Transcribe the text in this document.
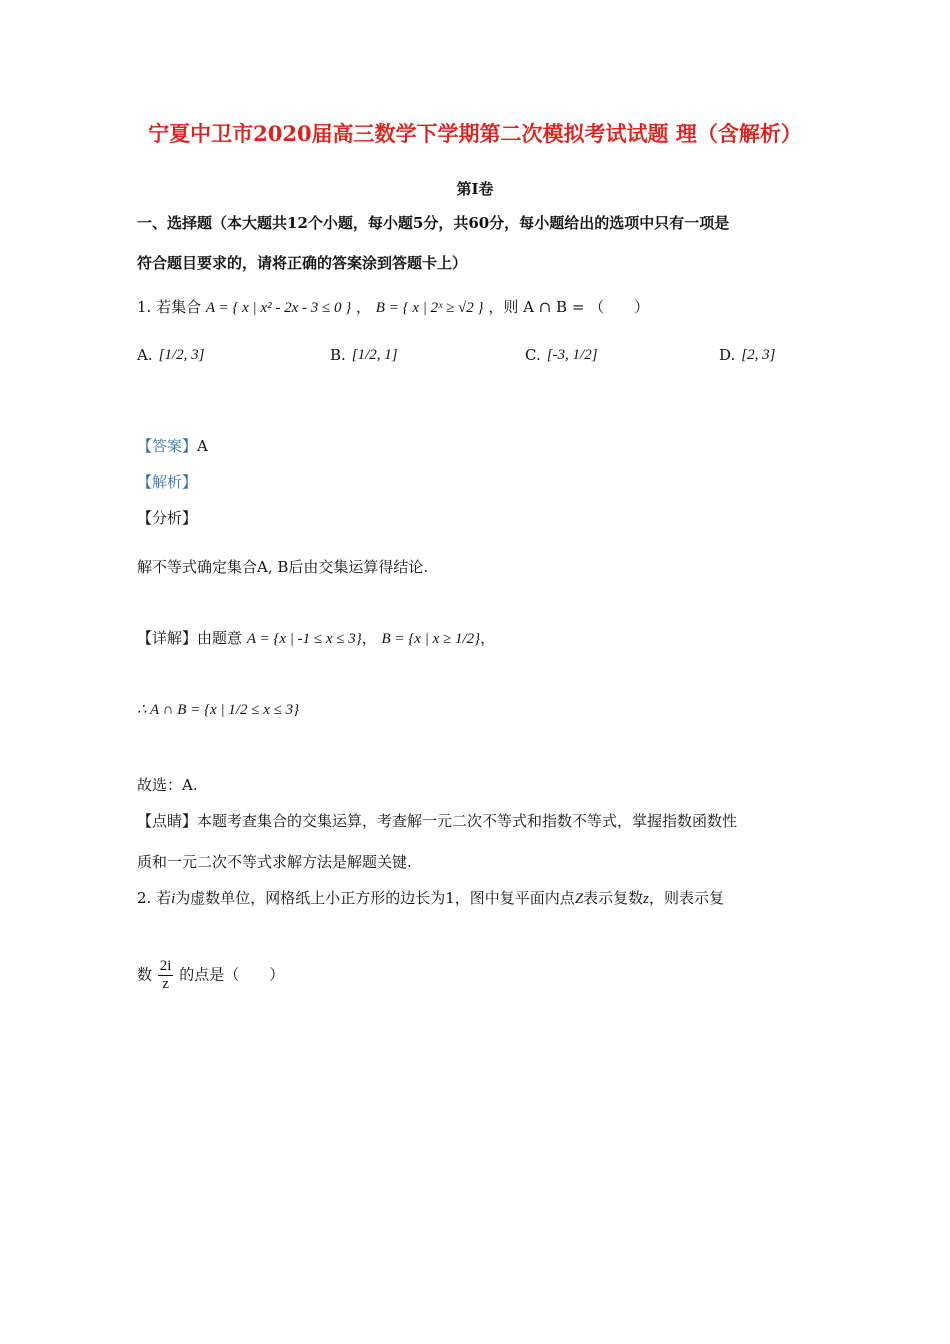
宁夏中卫市2020届高三数学下学期第二次模拟考试试题 理（含解析）
第Ⅰ卷
一、选择题（本大题共12个小题，每小题5分，共60分，每小题给出的选项中只有一项是
符合题目要求的，请将正确的答案涂到答题卡上）
1. 若集合 A = { x | x² - 2x - 3 ≤ 0 } ， B = { x | 2ˣ ≥ √2 } ，则 A ∩ B = （　　）
A. [1/2, 3]	B. [1/2, 1]	C. [-3, 1/2]	D. [2, 3]
【答案】A
【解析】
【分析】
解不等式确定集合A, B后由交集运算得结论.
【详解】由题意 A = {x | -1 ≤ x ≤ 3}， B = {x | x ≥ 1/2}，
∴ A ∩ B = {x | 1/2 ≤ x ≤ 3}
故选：A.
【点睛】本题考查集合的交集运算，考查解一元二次不等式和指数不等式，掌握指数函数性
质和一元二次不等式求解方法是解题关键.
2. 若i为虚数单位，网格纸上小正方形的边长为1，图中复平面内点Z表示复数z，则表示复
数 $\frac{2i}{z}$ 的点是（　　）
